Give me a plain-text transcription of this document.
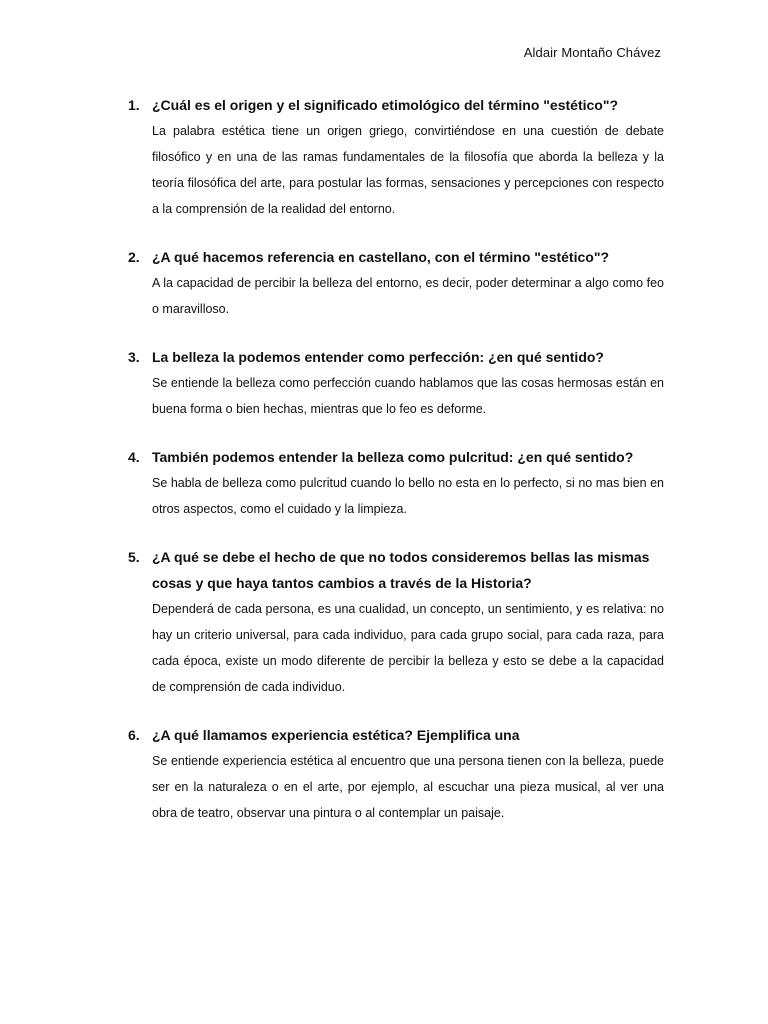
Aldair Montaño Chávez
1. ¿Cuál es el origen y el significado etimológico del término "estético"?

La palabra estética tiene un origen griego, convirtiéndose en una cuestión de debate filosófico y en una de las ramas fundamentales de la filosofía que aborda la belleza y la teoría filosófica del arte, para postular las formas, sensaciones y percepciones con respecto a la comprensión de la realidad del entorno.

2. ¿A qué hacemos referencia en castellano, con el término "estético"?

A la capacidad de percibir la belleza del entorno, es decir, poder determinar a algo como feo o maravilloso.

3. La belleza la podemos entender como perfección: ¿en qué sentido?

Se entiende la belleza como perfección cuando hablamos que las cosas hermosas están en buena forma o bien hechas, mientras que lo feo es deforme.

4. También podemos entender la belleza como pulcritud: ¿en qué sentido?

Se habla de belleza como pulcritud cuando lo bello no esta en lo perfecto, si no mas bien en otros aspectos, como el cuidado y la limpieza.

5. ¿A qué se debe el hecho de que no todos consideremos bellas las mismas cosas y que haya tantos cambios a través de la Historia?

Dependerá de cada persona, es una cualidad, un concepto, un sentimiento, y es relativa: no hay un criterio universal, para cada individuo, para cada grupo social, para cada raza, para cada época, existe un modo diferente de percibir la belleza y esto se debe a la capacidad de comprensión de cada individuo.

6. ¿A qué llamamos experiencia estética? Ejemplifica una

Se entiende experiencia estética al encuentro que una persona tienen con la belleza, puede ser en la naturaleza o en el arte, por ejemplo, al escuchar una pieza musical, al ver una obra de teatro, observar una pintura o al contemplar un paisaje.
